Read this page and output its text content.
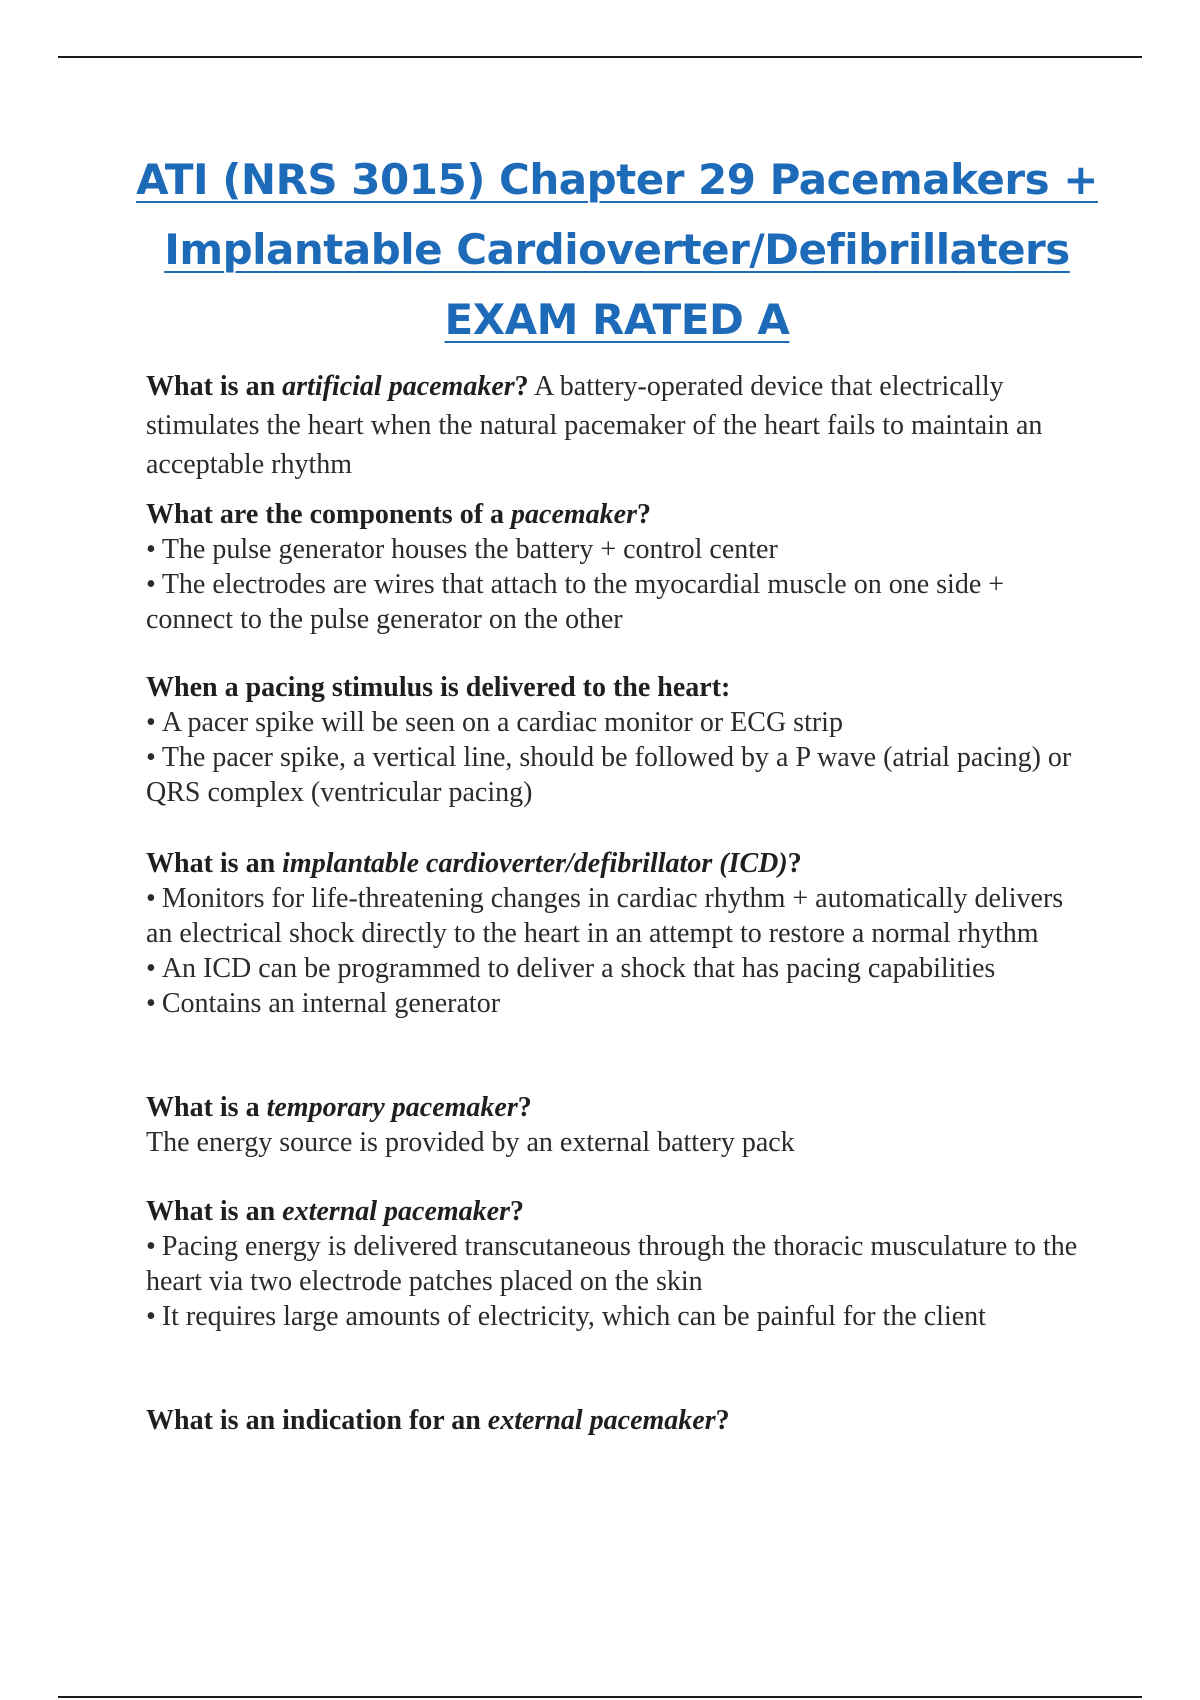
ATI (NRS 3015) Chapter 29 Pacemakers +
Implantable Cardioverter/Defibrillaters
EXAM RATED A

What is an artificial pacemaker? A battery-operated device that electrically stimulates the heart when the natural pacemaker of the heart fails to maintain an acceptable rhythm

What are the components of a pacemaker?

• The pulse generator houses the battery + control center
• The electrodes are wires that attach to the myocardial muscle on one side + connect to the pulse generator on the other

When a pacing stimulus is delivered to the heart:

• A pacer spike will be seen on a cardiac monitor or ECG strip
• The pacer spike, a vertical line, should be followed by a P wave (atrial pacing) or QRS complex (ventricular pacing)

What is an implantable cardioverter/defibrillator (ICD)?

• Monitors for life-threatening changes in cardiac rhythm + automatically delivers an electrical shock directly to the heart in an attempt to restore a normal rhythm
• An ICD can be programmed to deliver a shock that has pacing capabilities
• Contains an internal generator

What is a temporary pacemaker?

The energy source is provided by an external battery pack

What is an external pacemaker?

• Pacing energy is delivered transcutaneous through the thoracic musculature to the heart via two electrode patches placed on the skin
• It requires large amounts of electricity, which can be painful for the client

What is an indication for an external pacemaker?
